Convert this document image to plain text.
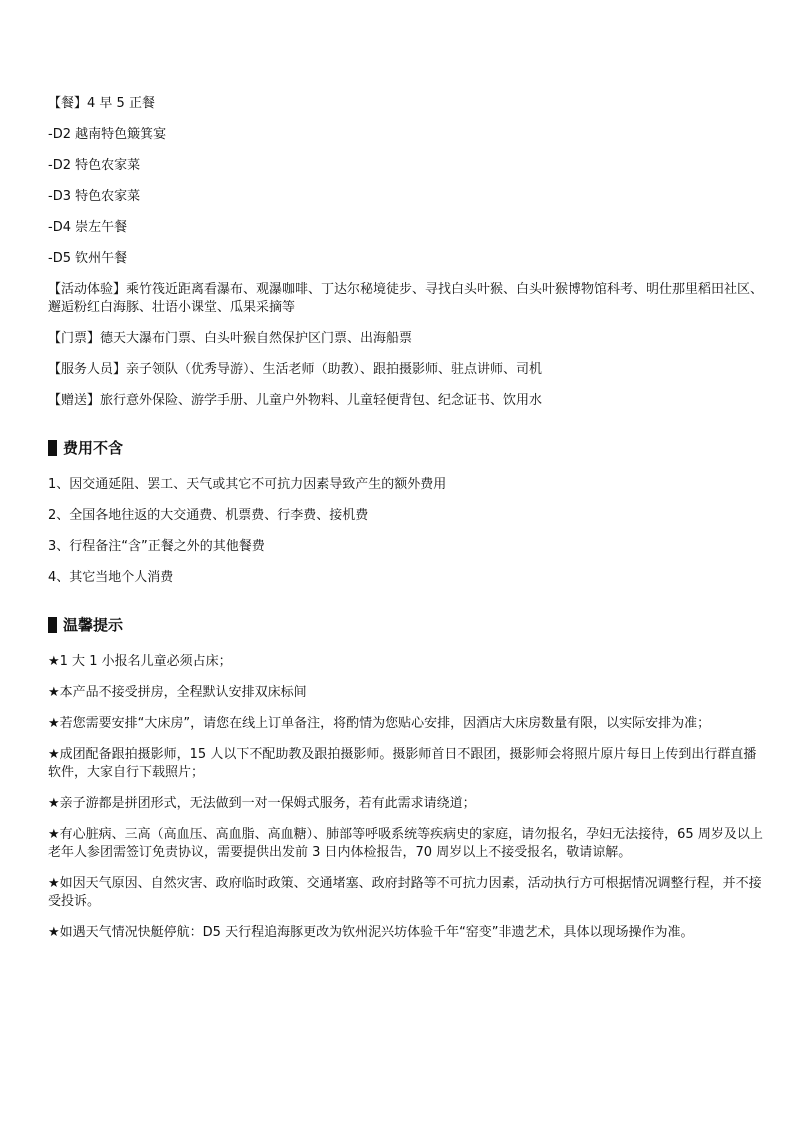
【餐】4 早 5 正餐

-D2 越南特色簸箕宴

-D2 特色农家菜

-D3 特色农家菜

-D4 崇左午餐

-D5 钦州午餐

【活动体验】乘竹筏近距离看瀑布、观瀑咖啡、丁达尔秘境徒步、寻找白头叶猴、白头叶猴博物馆科考、明仕那里稻田社区、邂逅粉红白海豚、壮语小课堂、瓜果采摘等

【门票】德天大瀑布门票、白头叶猴自然保护区门票、出海船票

【服务人员】亲子领队（优秀导游）、生活老师（助教）、跟拍摄影师、驻点讲师、司机

【赠送】旅行意外保险、游学手册、儿童户外物料、儿童轻便背包、纪念证书、饮用水

费用不含

1、因交通延阻、罢工、天气或其它不可抗力因素导致产生的额外费用

2、全国各地往返的大交通费、机票费、行李费、接机费

3、行程备注“含”正餐之外的其他餐费

4、其它当地个人消费

温馨提示

★1 大 1 小报名儿童必须占床；

★本产品不接受拼房，全程默认安排双床标间

★若您需要安排“大床房”，请您在线上订单备注，将酌情为您贴心安排，因酒店大床房数量有限，以实际安排为准；

★成团配备跟拍摄影师，15 人以下不配助教及跟拍摄影师。摄影师首日不跟团，摄影师会将照片原片每日上传到出行群直播软件，大家自行下载照片；

★亲子游都是拼团形式，无法做到一对一保姆式服务，若有此需求请绕道；

★有心脏病、三高（高血压、高血脂、高血糖）、肺部等呼吸系统等疾病史的家庭，请勿报名，孕妇无法接待，65 周岁及以上老年人参团需签订免责协议，需要提供出发前 3 日内体检报告，70 周岁以上不接受报名，敬请谅解。

★如因天气原因、自然灾害、政府临时政策、交通堵塞、政府封路等不可抗力因素，活动执行方可根据情况调整行程，并不接受投诉。

★如遇天气情况快艇停航：D5 天行程追海豚更改为钦州泥兴坊体验千年“窑变”非遗艺术，具体以现场操作为准。
